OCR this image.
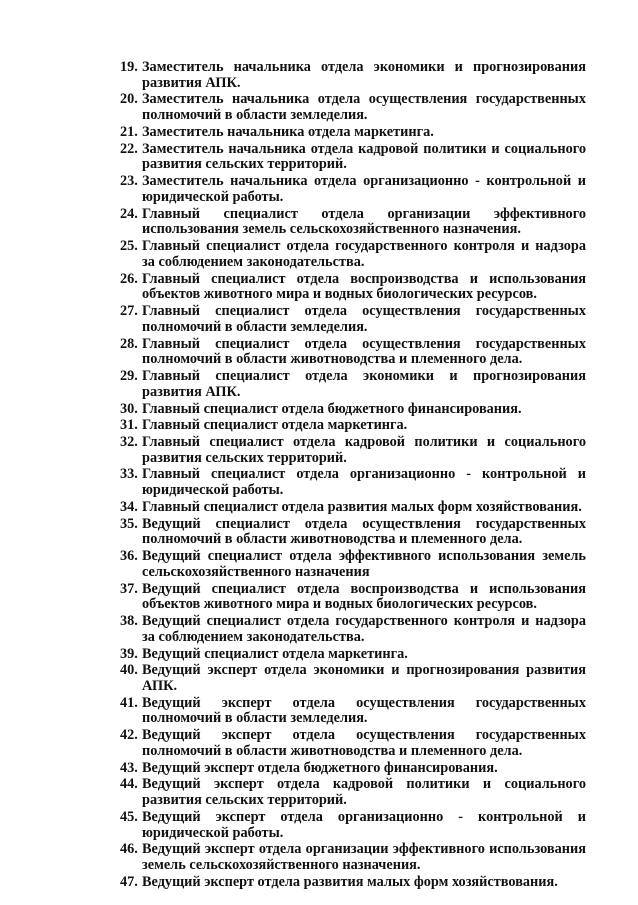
19. Заместитель начальника отдела экономики и прогнозирования развития АПК.
20. Заместитель начальника отдела осуществления государственных полномочий в области земледелия.
21. Заместитель начальника отдела маркетинга.
22. Заместитель начальника отдела кадровой политики и социального развития сельских территорий.
23. Заместитель начальника отдела организационно - контрольной и юридической работы.
24. Главный специалист отдела организации эффективного использования земель сельскохозяйственного назначения.
25. Главный специалист отдела государственного контроля и надзора за соблюдением законодательства.
26. Главный специалист отдела воспроизводства и использования объектов животного мира и водных биологических ресурсов.
27. Главный специалист отдела осуществления государственных полномочий в области земледелия.
28. Главный специалист отдела осуществления государственных полномочий в области животноводства и племенного дела.
29. Главный специалист отдела экономики и прогнозирования развития АПК.
30. Главный специалист отдела бюджетного финансирования.
31. Главный специалист отдела маркетинга.
32. Главный специалист отдела кадровой политики и социального развития сельских территорий.
33. Главный специалист отдела организационно - контрольной и юридической работы.
34. Главный специалист отдела развития малых форм хозяйствования.
35. Ведущий специалист отдела осуществления государственных полномочий в области животноводства и племенного дела.
36. Ведущий специалист отдела эффективного использования земель сельскохозяйственного назначения
37. Ведущий специалист отдела воспроизводства и использования объектов животного мира и водных биологических ресурсов.
38. Ведущий специалист отдела государственного контроля и надзора за соблюдением законодательства.
39. Ведущий специалист отдела маркетинга.
40. Ведущий эксперт отдела экономики и прогнозирования развития АПК.
41. Ведущий эксперт отдела осуществления государственных полномочий в области земледелия.
42. Ведущий эксперт отдела осуществления государственных полномочий в области животноводства и племенного дела.
43. Ведущий эксперт отдела бюджетного финансирования.
44. Ведущий эксперт отдела кадровой политики и социального развития сельских территорий.
45. Ведущий эксперт отдела организационно - контрольной и юридической работы.
46. Ведущий эксперт отдела организации эффективного использования земель сельскохозяйственного назначения.
47. Ведущий эксперт отдела развития малых форм хозяйствования.
